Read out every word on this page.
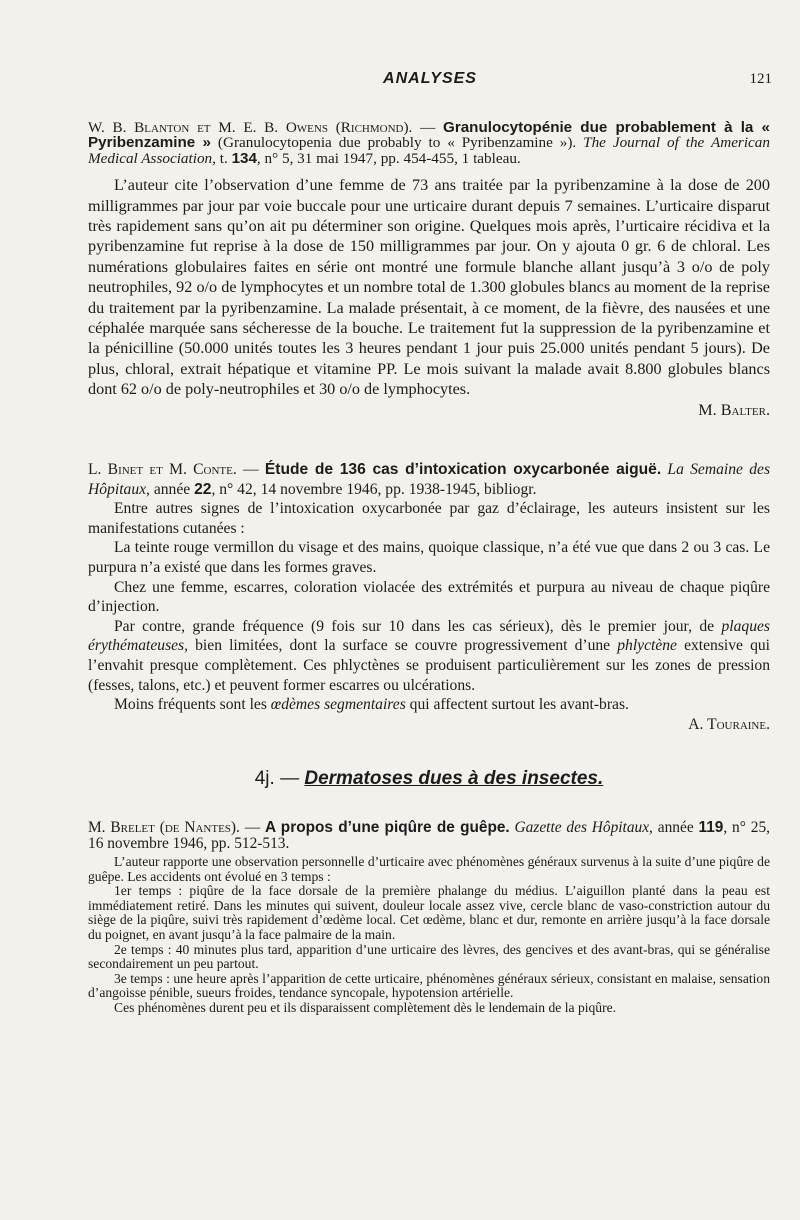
ANALYSES	121

W. B. Blanton et M. E. B. Owens (Richmond). — Granulocytopénie due probablement à la « Pyribenzamine » (Granulocytopenia due probably to « Pyribenzamine »). The Journal of the American Medical Association, t. 134, n° 5, 31 mai 1947, pp. 454-455, 1 tableau.

L’auteur cite l’observation d’une femme de 73 ans traitée par la pyribenzamine à la dose de 200 milligrammes par jour par voie buccale pour une urticaire durant depuis 7 semaines. L’urticaire disparut très rapidement sans qu’on ait pu déterminer son origine. Quelques mois après, l’urticaire récidiva et la pyribenzamine fut reprise à la dose de 150 milligrammes par jour. On y ajouta 0 gr. 6 de chloral. Les numérations globulaires faites en série ont montré une formule blanche allant jusqu’à 3 o/o de poly neutrophiles, 92 o/o de lymphocytes et un nombre total de 1.300 globules blancs au moment de la reprise du traitement par la pyribenzamine. La malade présentait, à ce moment, de la fièvre, des nausées et une céphalée marquée sans sécheresse de la bouche. Le traitement fut la suppression de la pyribenzamine et la pénicilline (50.000 unités toutes les 3 heures pendant 1 jour puis 25.000 unités pendant 5 jours). De plus, chloral, extrait hépatique et vitamine PP. Le mois suivant la malade avait 8.800 globules blancs dont 62 o/o de poly-neutrophiles et 30 o/o de lymphocytes.

M. Balter.

L. Binet et M. Conte. — Étude de 136 cas d’intoxication oxycarbonée aiguë. La Semaine des Hôpitaux, année 22, n° 42, 14 novembre 1946, pp. 1938-1945, bibliogr.

Entre autres signes de l’intoxication oxycarbonée par gaz d’éclairage, les auteurs insistent sur les manifestations cutanées :

La teinte rouge vermillon du visage et des mains, quoique classique, n’a été vue que dans 2 ou 3 cas. Le purpura n’a existé que dans les formes graves.

Chez une femme, escarres, coloration violacée des extrémités et purpura au niveau de chaque piqûre d’injection.

Par contre, grande fréquence (9 fois sur 10 dans les cas sérieux), dès le premier jour, de plaques érythémateuses, bien limitées, dont la surface se couvre progressivement d’une phlyctène extensive qui l’envahit presque complètement. Ces phlyctènes se produisent particulièrement sur les zones de pression (fesses, talons, etc.) et peuvent former escarres ou ulcérations.

Moins fréquents sont les œdèmes segmentaires qui affectent surtout les avant-bras.

A. Touraine.

4j. — Dermatoses dues à des insectes.

M. Brelet (de Nantes). — A propos d’une piqûre de guêpe. Gazette des Hôpitaux, année 119, n° 25, 16 novembre 1946, pp. 512-513.

L’auteur rapporte une observation personnelle d’urticaire avec phénomènes généraux survenus à la suite d’une piqûre de guêpe. Les accidents ont évolué en 3 temps :

1er temps : piqûre de la face dorsale de la première phalange du médius. L’aiguillon planté dans la peau est immédiatement retiré. Dans les minutes qui suivent, douleur locale assez vive, cercle blanc de vaso-constriction autour du siège de la piqûre, suivi très rapidement d’œdème local. Cet œdème, blanc et dur, remonte en arrière jusqu’à la face dorsale du poignet, en avant jusqu’à la face palmaire de la main.

2e temps : 40 minutes plus tard, apparition d’une urticaire des lèvres, des gencives et des avant-bras, qui se généralise secondairement un peu partout.

3e temps : une heure après l’apparition de cette urticaire, phénomènes généraux sérieux, consistant en malaise, sensation d’angoisse pénible, sueurs froides, tendance syncopale, hypotension artérielle.

Ces phénomènes durent peu et ils disparaissent complètement dès le lendemain de la piqûre.
